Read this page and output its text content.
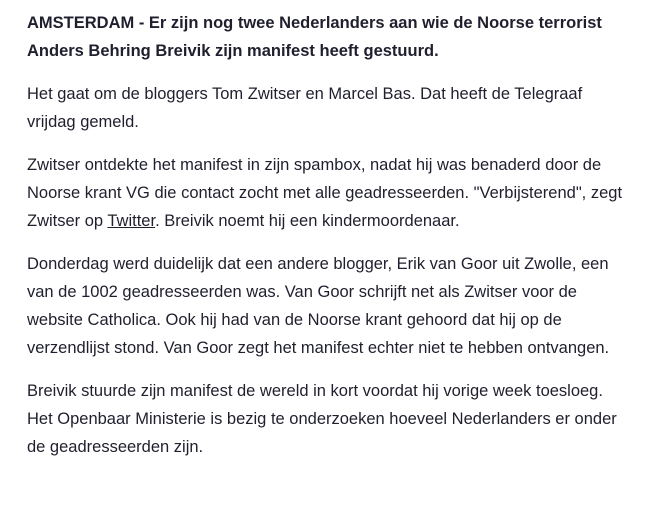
AMSTERDAM - Er zijn nog twee Nederlanders aan wie de Noorse terrorist Anders Behring Breivik zijn manifest heeft gestuurd.

Het gaat om de bloggers Tom Zwitser en Marcel Bas. Dat heeft de Telegraaf vrijdag gemeld.

Zwitser ontdekte het manifest in zijn spambox, nadat hij was benaderd door de Noorse krant VG die contact zocht met alle geadresseerden. "Verbijsterend", zegt Zwitser op Twitter. Breivik noemt hij een kindermoordenaar.

Donderdag werd duidelijk dat een andere blogger, Erik van Goor uit Zwolle, een van de 1002 geadresseerden was. Van Goor schrijft net als Zwitser voor de website Catholica. Ook hij had van de Noorse krant gehoord dat hij op de verzendlijst stond. Van Goor zegt het manifest echter niet te hebben ontvangen.

Breivik stuurde zijn manifest de wereld in kort voordat hij vorige week toesloeg. Het Openbaar Ministerie is bezig te onderzoeken hoeveel Nederlanders er onder de geadresseerden zijn.
